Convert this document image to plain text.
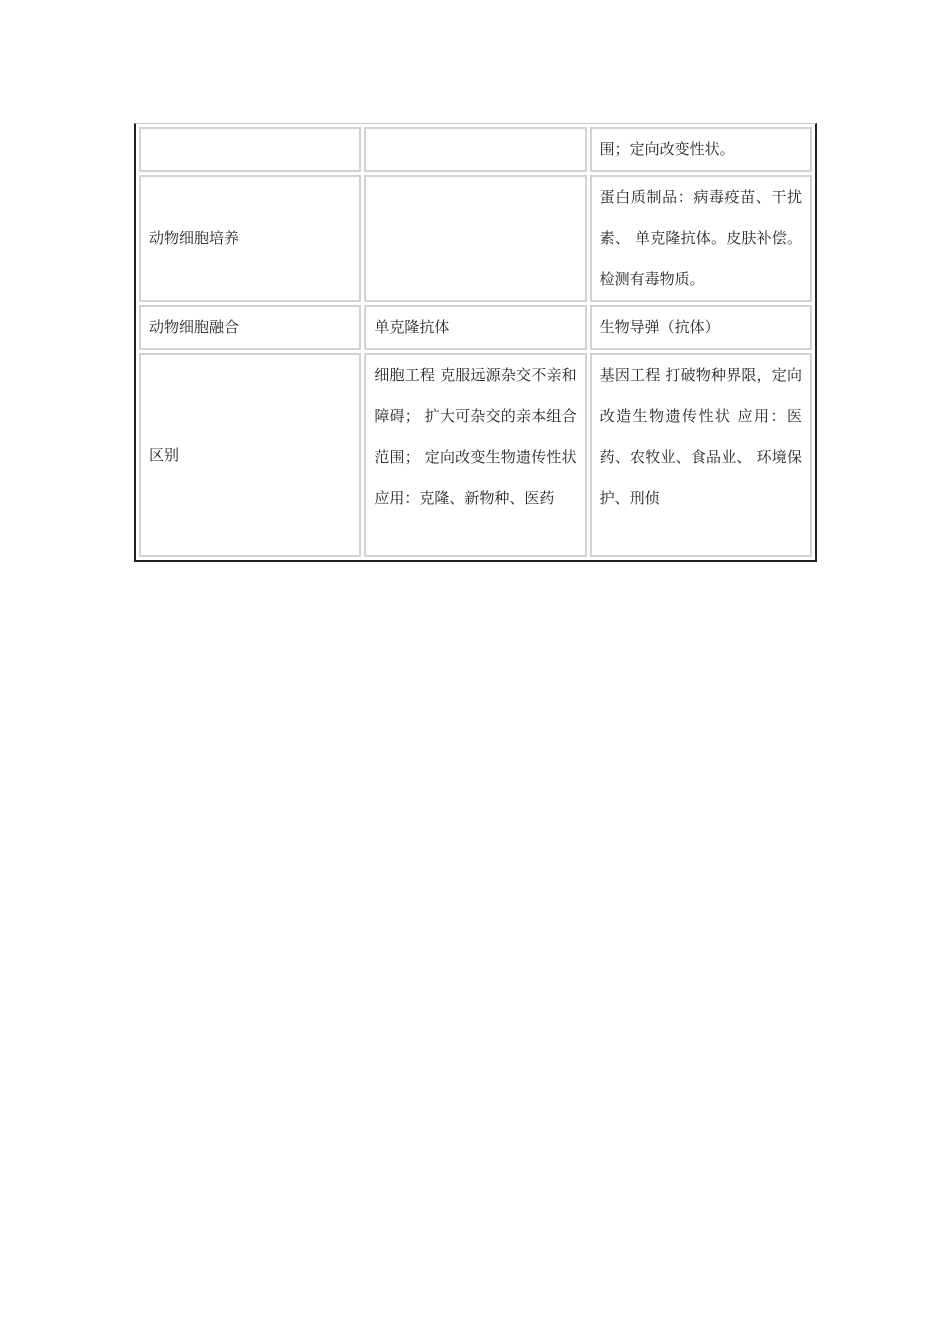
		围；定向改变性状。
动物细胞培养		蛋白质制品：病毒疫苗、干扰素、 单克隆抗体。皮肤补偿。检测有毒物质。
动物细胞融合	单克隆抗体	生物导弹（抗体）
区别	细胞工程 克服远源杂交不亲和障碍； 扩大可杂交的亲本组合范围； 定向改变生物遗传性状 应用：克隆、新物种、医药	基因工程 打破物种界限，定向改造生物遗传性状 应用：医药、农牧业、食品业、 环境保护、刑侦
